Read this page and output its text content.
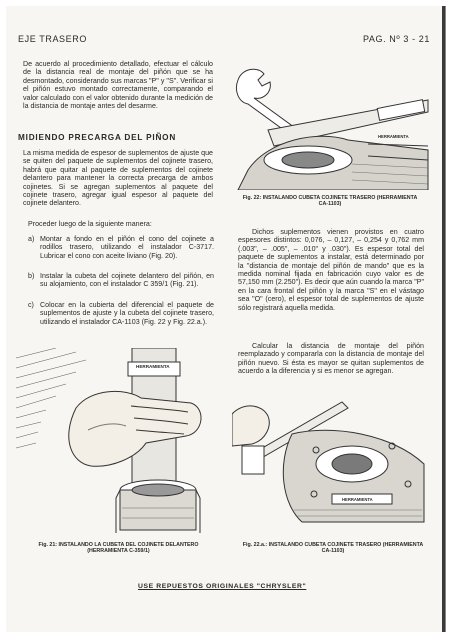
EJE TRASERO	PAG. Nº 3 - 21

De acuerdo al procedimiento detallado, efectuar el cálculo de la distancia real de montaje del piñón que se ha desmontado, considerando sus marcas "P" y "S". Verificar si el piñón estuvo montado correctamente, comparando el valor calculado con el valor obtenido durante la medición de la distancia de montaje antes del desarme.

MIDIENDO PRECARGA DEL PIÑON

La misma medida de espesor de suplementos de ajuste que se quiten del paquete de suplementos del cojinete trasero, habrá que quitar al paquete de suplementos del cojinete delantero para mantener la correcta precarga de ambos cojinetes. Si se agregan suplementos al paquete del cojinete trasero, agregar igual espesor al paquete del cojinete delantero.

Proceder luego de la siguiente manera:

a) Montar a fondo en el piñón el cono del cojinete a rodillos trasero, utilizando el instalador C-3717. Lubricar el cono con aceite liviano (Fig. 20).
b) Instalar la cubeta del cojinete delantero del piñón, en su alojamiento, con el instalador C 359/1 (Fig. 21).
c) Colocar en la cubierta del diferencial el paquete de suplementos de ajuste y la cubeta del cojinete trasero, utilizando el instalador CA-1103 (Fig. 22 y Fig. 22.a.).
HERRAMIENTA
Fig. 21: INSTALANDO LA CUBETA DEL COJINETE DELANTERO (HERRAMIENTA C-359/1)
HERRAMIENTA
Fig. 22: INSTALANDO CUBETA COJINETE TRASERO (HERRAMIENTA CA-1103)

Dichos suplementos vienen provistos en cuatro espesores distintos: 0,076, – 0,127, – 0,254 y 0,762 mm (.003", – .005", – .010" y .030"). Es espesor total del paquete de suplementos a instalar, está determinado por la "distancia de montaje del piñón de mando" que es la medida nominal fijada en fabricación cuyo valor es de 57,150 mm (2.250"). Es decir que aún cuando la marca "P" en la cara frontal del piñón y la marca "S" en el vástago sea "O" (cero), el espesor total de suplementos de ajuste sólo registrará aquella medida.

Calcular la distancia de montaje del piñón reemplazado y compararla con la distancia de montaje del piñón nuevo. Si ésta es mayor se quitan suplementos de acuerdo a la diferencia y si es menor se agregan.

HERRAMIENTA
Fig. 22.a.: INSTALANDO CUBETA COJINETE TRASERO (HERRAMIENTA CA-1103)
USE REPUESTOS ORIGINALES "CHRYSLER"
